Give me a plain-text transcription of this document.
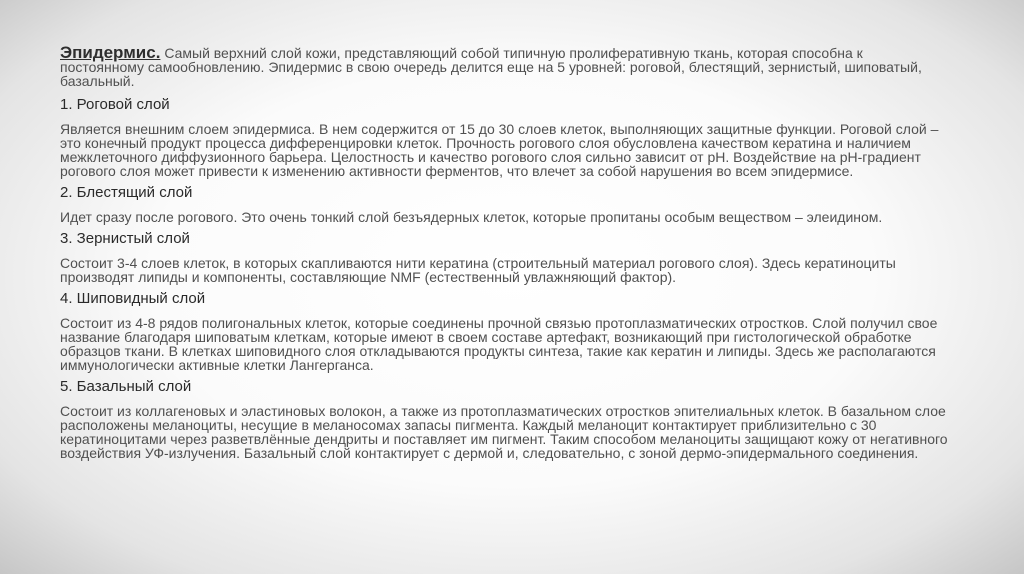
Эпидермис. Самый верхний слой кожи, представляющий собой типичную пролиферативную ткань, которая способна к постоянному самообновлению. Эпидермис в свою очередь делится еще на 5 уровней: роговой, блестящий, зернистый, шиповатый, базальный.

1. Роговой слой

Является внешним слоем эпидермиса. В нем содержится от 15 до 30 слоев клеток, выполняющих защитные функции. Роговой слой – это конечный продукт процесса дифференцировки клеток. Прочность рогового слоя обусловлена качеством кератина и наличием межклеточного диффузионного барьера. Целостность и качество рогового слоя сильно зависит от pH. Воздействие на pH-градиент рогового слоя может привести к изменению активности ферментов, что влечет за собой нарушения во всем эпидермисе.

2. Блестящий слой

Идет сразу после рогового. Это очень тонкий слой безъядерных клеток, которые пропитаны особым веществом – элеидином.

3. Зернистый слой

Состоит 3-4 слоев клеток, в которых скапливаются нити кератина (строительный материал рогового слоя). Здесь кератиноциты производят липиды и компоненты, составляющие NMF (естественный увлажняющий фактор).

4. Шиповидный слой

Состоит из 4-8 рядов полигональных клеток, которые соединены прочной связью протоплазматических отростков. Слой получил свое название благодаря шиповатым клеткам, которые имеют в своем составе артефакт, возникающий при гистологической обработке образцов ткани. В клетках шиповидного слоя откладываются продукты синтеза, такие как кератин и липиды. Здесь же располагаются иммунологически активные клетки Лангерганса.

5. Базальный слой

Состоит из коллагеновых и эластиновых волокон, а также из протоплазматических отростков эпителиальных клеток. В базальном слое расположены меланоциты, несущие в меланосомах запасы пигмента. Каждый меланоцит контактирует приблизительно с 30 кератиноцитами через разветвлённые дендриты и поставляет им пигмент. Таким способом меланоциты защищают кожу от негативного воздействия УФ-излучения. Базальный слой контактирует с дермой и, следовательно, с зоной дермо-эпидермального соединения.
